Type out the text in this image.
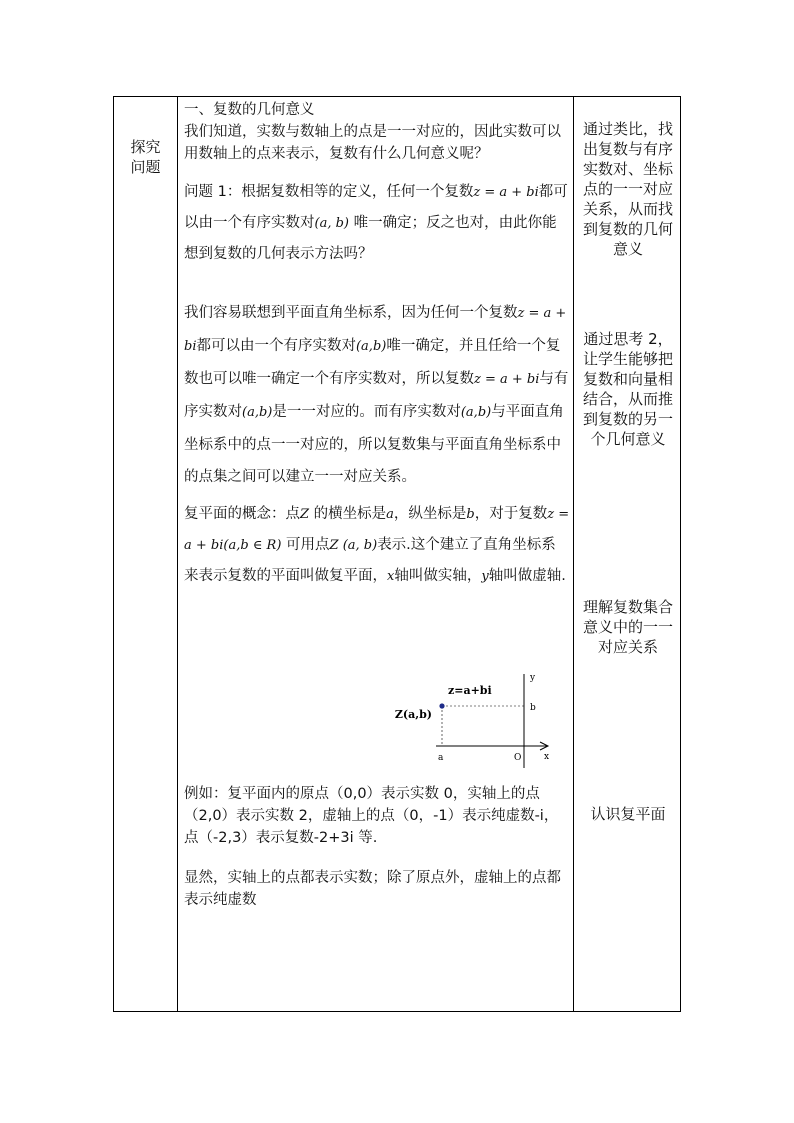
探究
问题

一、复数的几何意义

我们知道，实数与数轴上的点是一一对应的，因此实数可以用数轴上的点来表示，复数有什么几何意义呢？

问题 1：根据复数相等的定义，任何一个复数z = a + bi都可以由一个有序实数对(a, b) 唯一确定；反之也对，由此你能想到复数的几何表示方法吗？

我们容易联想到平面直角坐标系，因为任何一个复数z = a + bi都可以由一个有序实数对(a,b)唯一确定，并且任给一个复数也可以唯一确定一个有序实数对，所以复数z = a + bi与有序实数对(a,b)是一一对应的。而有序实数对(a,b)与平面直角坐标系中的点一一对应的，所以复数集与平面直角坐标系中的点集之间可以建立一一对应关系。

复平面的概念：点Z 的横坐标是a，纵坐标是b，对于复数z = a + bi(a,b ∈ R) 可用点Z (a, b)表示.这个建立了直角坐标系来表示复数的平面叫做复平面，x轴叫做实轴，y轴叫做虚轴.

例如：复平面内的原点（0,0）表示实数 0，实轴上的点（2,0）表示实数 2，虚轴上的点（0，-1）表示纯虚数-i，点（-2,3）表示复数-2+3i 等.

显然，实轴上的点都表示实数；除了原点外，虚轴上的点都表示纯虚数

通过类比，找出复数与有序实数对、坐标点的一一对应关系，从而找到复数的几何意义
通过思考 2，让学生能够把复数和向量相结合，从而推到复数的另一个几何意义
理解复数集合意义中的一一对应关系
认识复平面
z=a+bi
Z(a,b)
y
b
a	O	x
